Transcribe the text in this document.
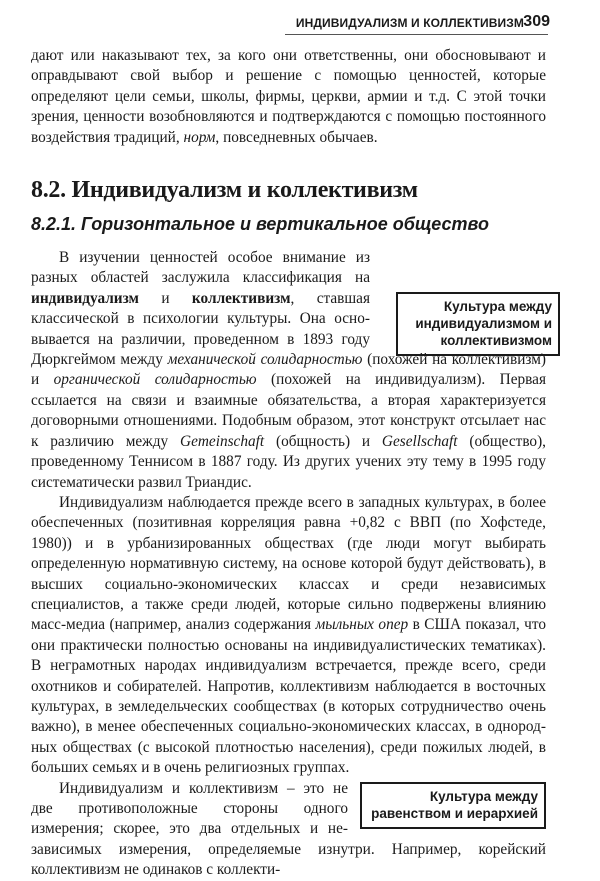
ИНДИВИДУАЛИЗМ И КОЛЛЕКТИВИЗМ 309

дают или наказывают тех, за кого они ответственны, они обосновывают и оправдывают свой выбор и решение с помощью ценностей, которые определяют цели семьи, школы, фирмы, церкви, армии и т.д. С этой точки зрения, ценности возобновляются и подтверждаются с помощью постоянного воздействия традиций, норм, повседневных обычаев.

8.2. Индивидуализм и коллективизм
8.2.1. Горизонтальное и вертикальное общество

В изучении ценностей особое внимание из разных областей заслужила классификация на индивидуализм и коллективизм, ставшая классической в психологии культуры. Она основывается на различии, проведенном в 1893 году Дюркгеймом между механической солидарностью (похожей на коллективизм) и органической солидарностью (похожей на индивидуализм). Первая ссылается на связи и взаимные обязательства, а вторая характеризуется договорными отношениями. Подобным образом, этот конструкт отсылает нас к различию между Gemeinschaft (общность) и Gesellschaft (общество), проведенному Теннисом в 1887 году. Из других учених эту тему в 1995 году систематически развил Триандис.

Индивидуализм наблюдается прежде всего в западных культурах, в более обеспеченных (позитивная корреляция равна +0,82 с ВВП (по Хофстеде, 1980)) и в урбанизированных обществах (где люди могут выбирать определенную нормативную систему, на основе которой будут действовать), в высших социально-экономических классах и среди независимых специалистов, а также среди людей, которые сильно подвержены влиянию масс-медиа (например, анализ содержания мыльных опер в США показал, что они практически полностью основаны на индивидуалистических тематиках). В неграмотных народах индивидуализм встречается, прежде всего, среди охотников и собирателей. Напротив, коллективизм наблюдается в восточных культурах, в земледельческих сообществах (в которых сотрудничество очень важно), в менее обеспеченных социально-экономических классах, в однородных обществах (с высокой плотностью населения), среди пожилых людей, в больших семьях и в очень религиозных группах.

Культура между
равенством и иерархией

Индивидуализм и коллективизм – это не две противоположные стороны одного измерения; скорее, это два отдельных и независимых измерения, определяемые изнутри. Например, корейский коллективизм не одинаков с коллекти-

Культура между
индивидуализмом и
коллективизмом
